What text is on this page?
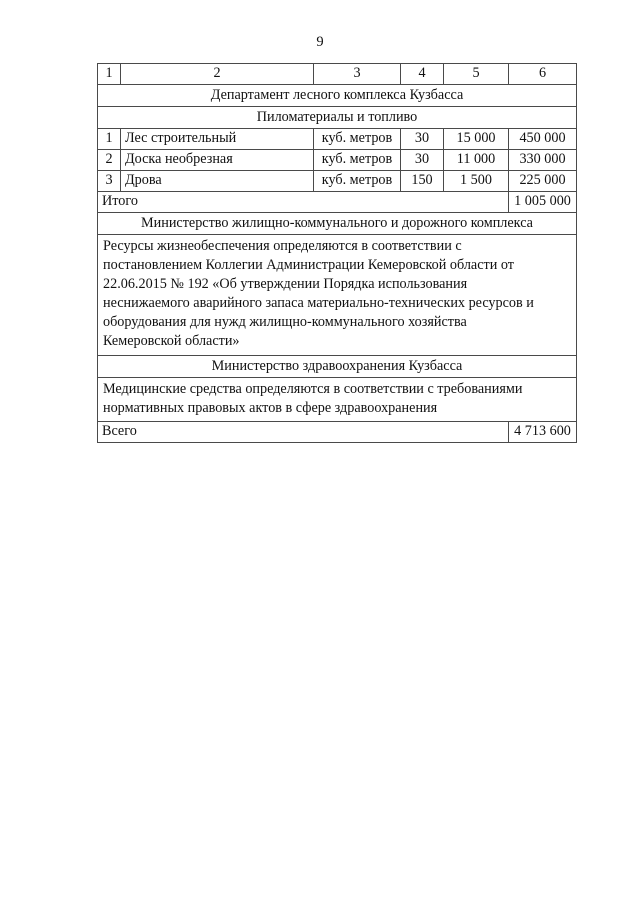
9
1	2	3	4	5	6

Департамент лесного комплекса Кузбасса					

Пиломатериалы и топливо					

1	Лес строительный	куб. метров	30	15 000	450 000

2	Доска необрезная	куб. метров	30	11 000	330 000

3	Дрова	куб. метров	150	1 500	225 000

Итого					1 005 000

Министерство жилищно-коммунального и дорожного комплекса					

Ресурсы жизнеобеспечения определяются в соответствии с
постановлением Коллегии Администрации Кемеровской области от
22.06.2015 № 192 «Об утверждении Порядка использования
неснижаемого аварийного запаса материально-технических ресурсов и
оборудования для нужд жилищно-коммунального хозяйства
Кемеровской области»

Министерство здравоохранения Кузбасса					

Медицинские средства определяются в соответствии с требованиями
нормативных правовых актов в сфере здравоохранения					

Всего					4 713 600
